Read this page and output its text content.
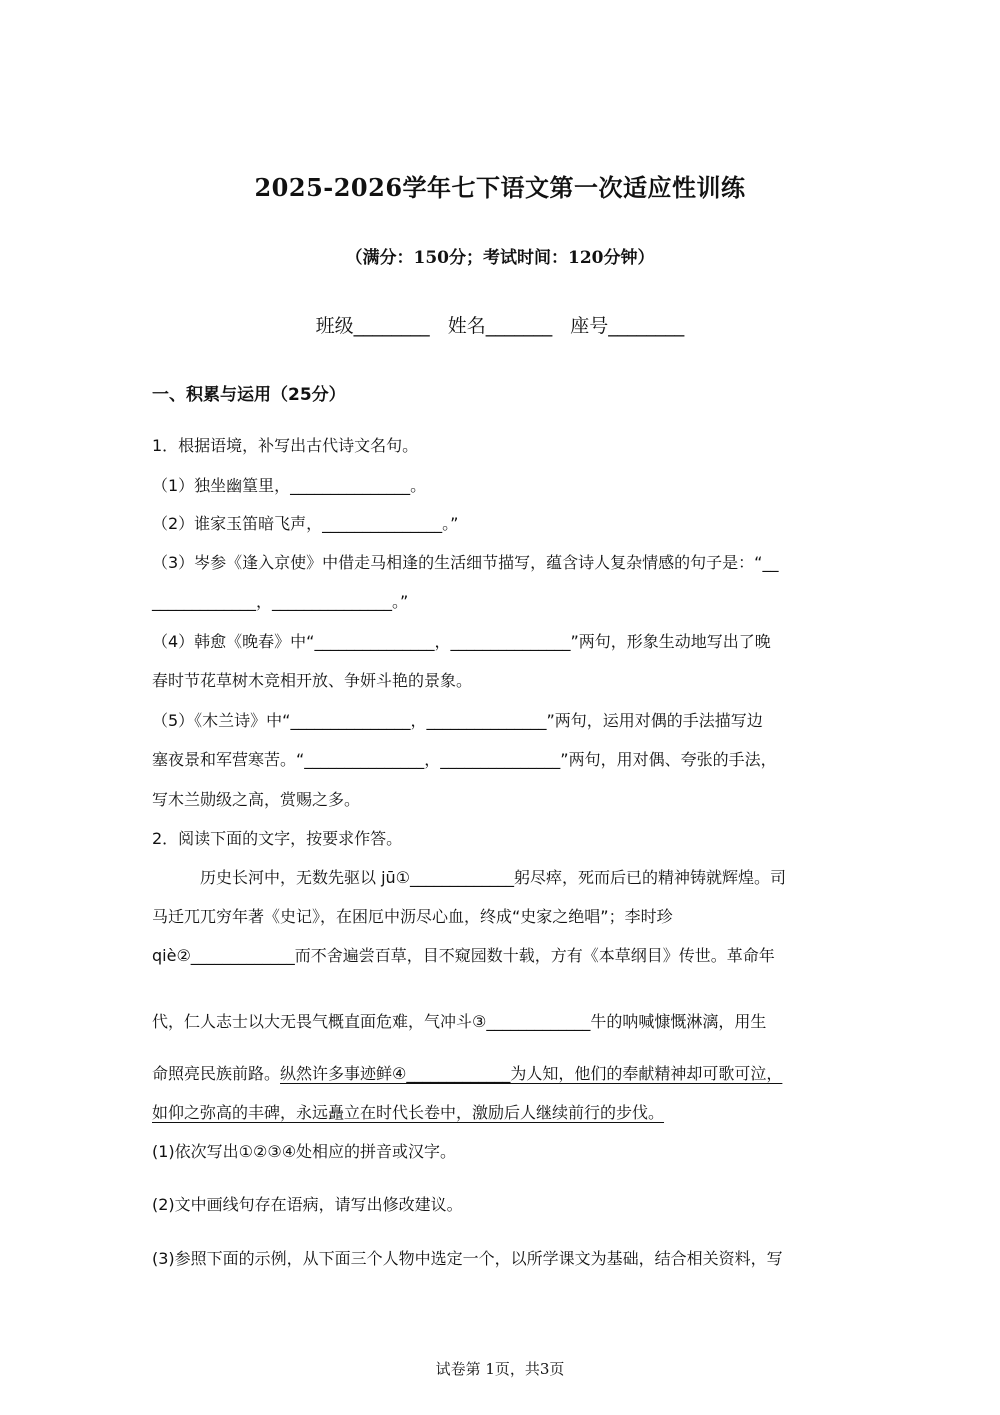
2025-2026学年七下语文第一次适应性训练
（满分：150分；考试时间：120分钟）
班级________ 姓名_______ 座号________
一、积累与运用（25分）
1．根据语境，补写出古代诗文名句。
（1）独坐幽篁里，_______________。
（2）谁家玉笛暗飞声，_______________。”
（3）岑参《逢入京使》中借走马相逢的生活细节描写，蕴含诗人复杂情感的句子是：“__
_____________，_______________。”
（4）韩愈《晚春》中“_______________，_______________”两句，形象生动地写出了晚
春时节花草树木竞相开放、争妍斗艳的景象。
（5）《木兰诗》中“_______________，_______________”两句，运用对偶的手法描写边
塞夜景和军营寒苦。“_______________，_______________”两句，用对偶、夸张的手法，
写木兰勋级之高，赏赐之多。
2．阅读下面的文字，按要求作答。
历史长河中，无数先驱以 jū①_____________躬尽瘁，死而后已的精神铸就辉煌。司
马迁兀兀穷年著《史记》，在困厄中沥尽心血，终成“史家之绝唱”；李时珍
qiè②_____________而不舍遍尝百草，目不窥园数十载，方有《本草纲目》传世。革命年
代，仁人志士以大无畏气概直面危难，气冲斗③_____________牛的呐喊慷慨淋漓，用生
命照亮民族前路。纵然许多事迹鲜④_____________为人知，他们的奉献精神却可歌可泣，
如仰之弥高的丰碑，永远矗立在时代长卷中，激励后人继续前行的步伐。
(1)依次写出①②③④处相应的拼音或汉字。
(2)文中画线句存在语病，请写出修改建议。
(3)参照下面的示例，从下面三个人物中选定一个，以所学课文为基础，结合相关资料，写
试卷第 1页，共3页
